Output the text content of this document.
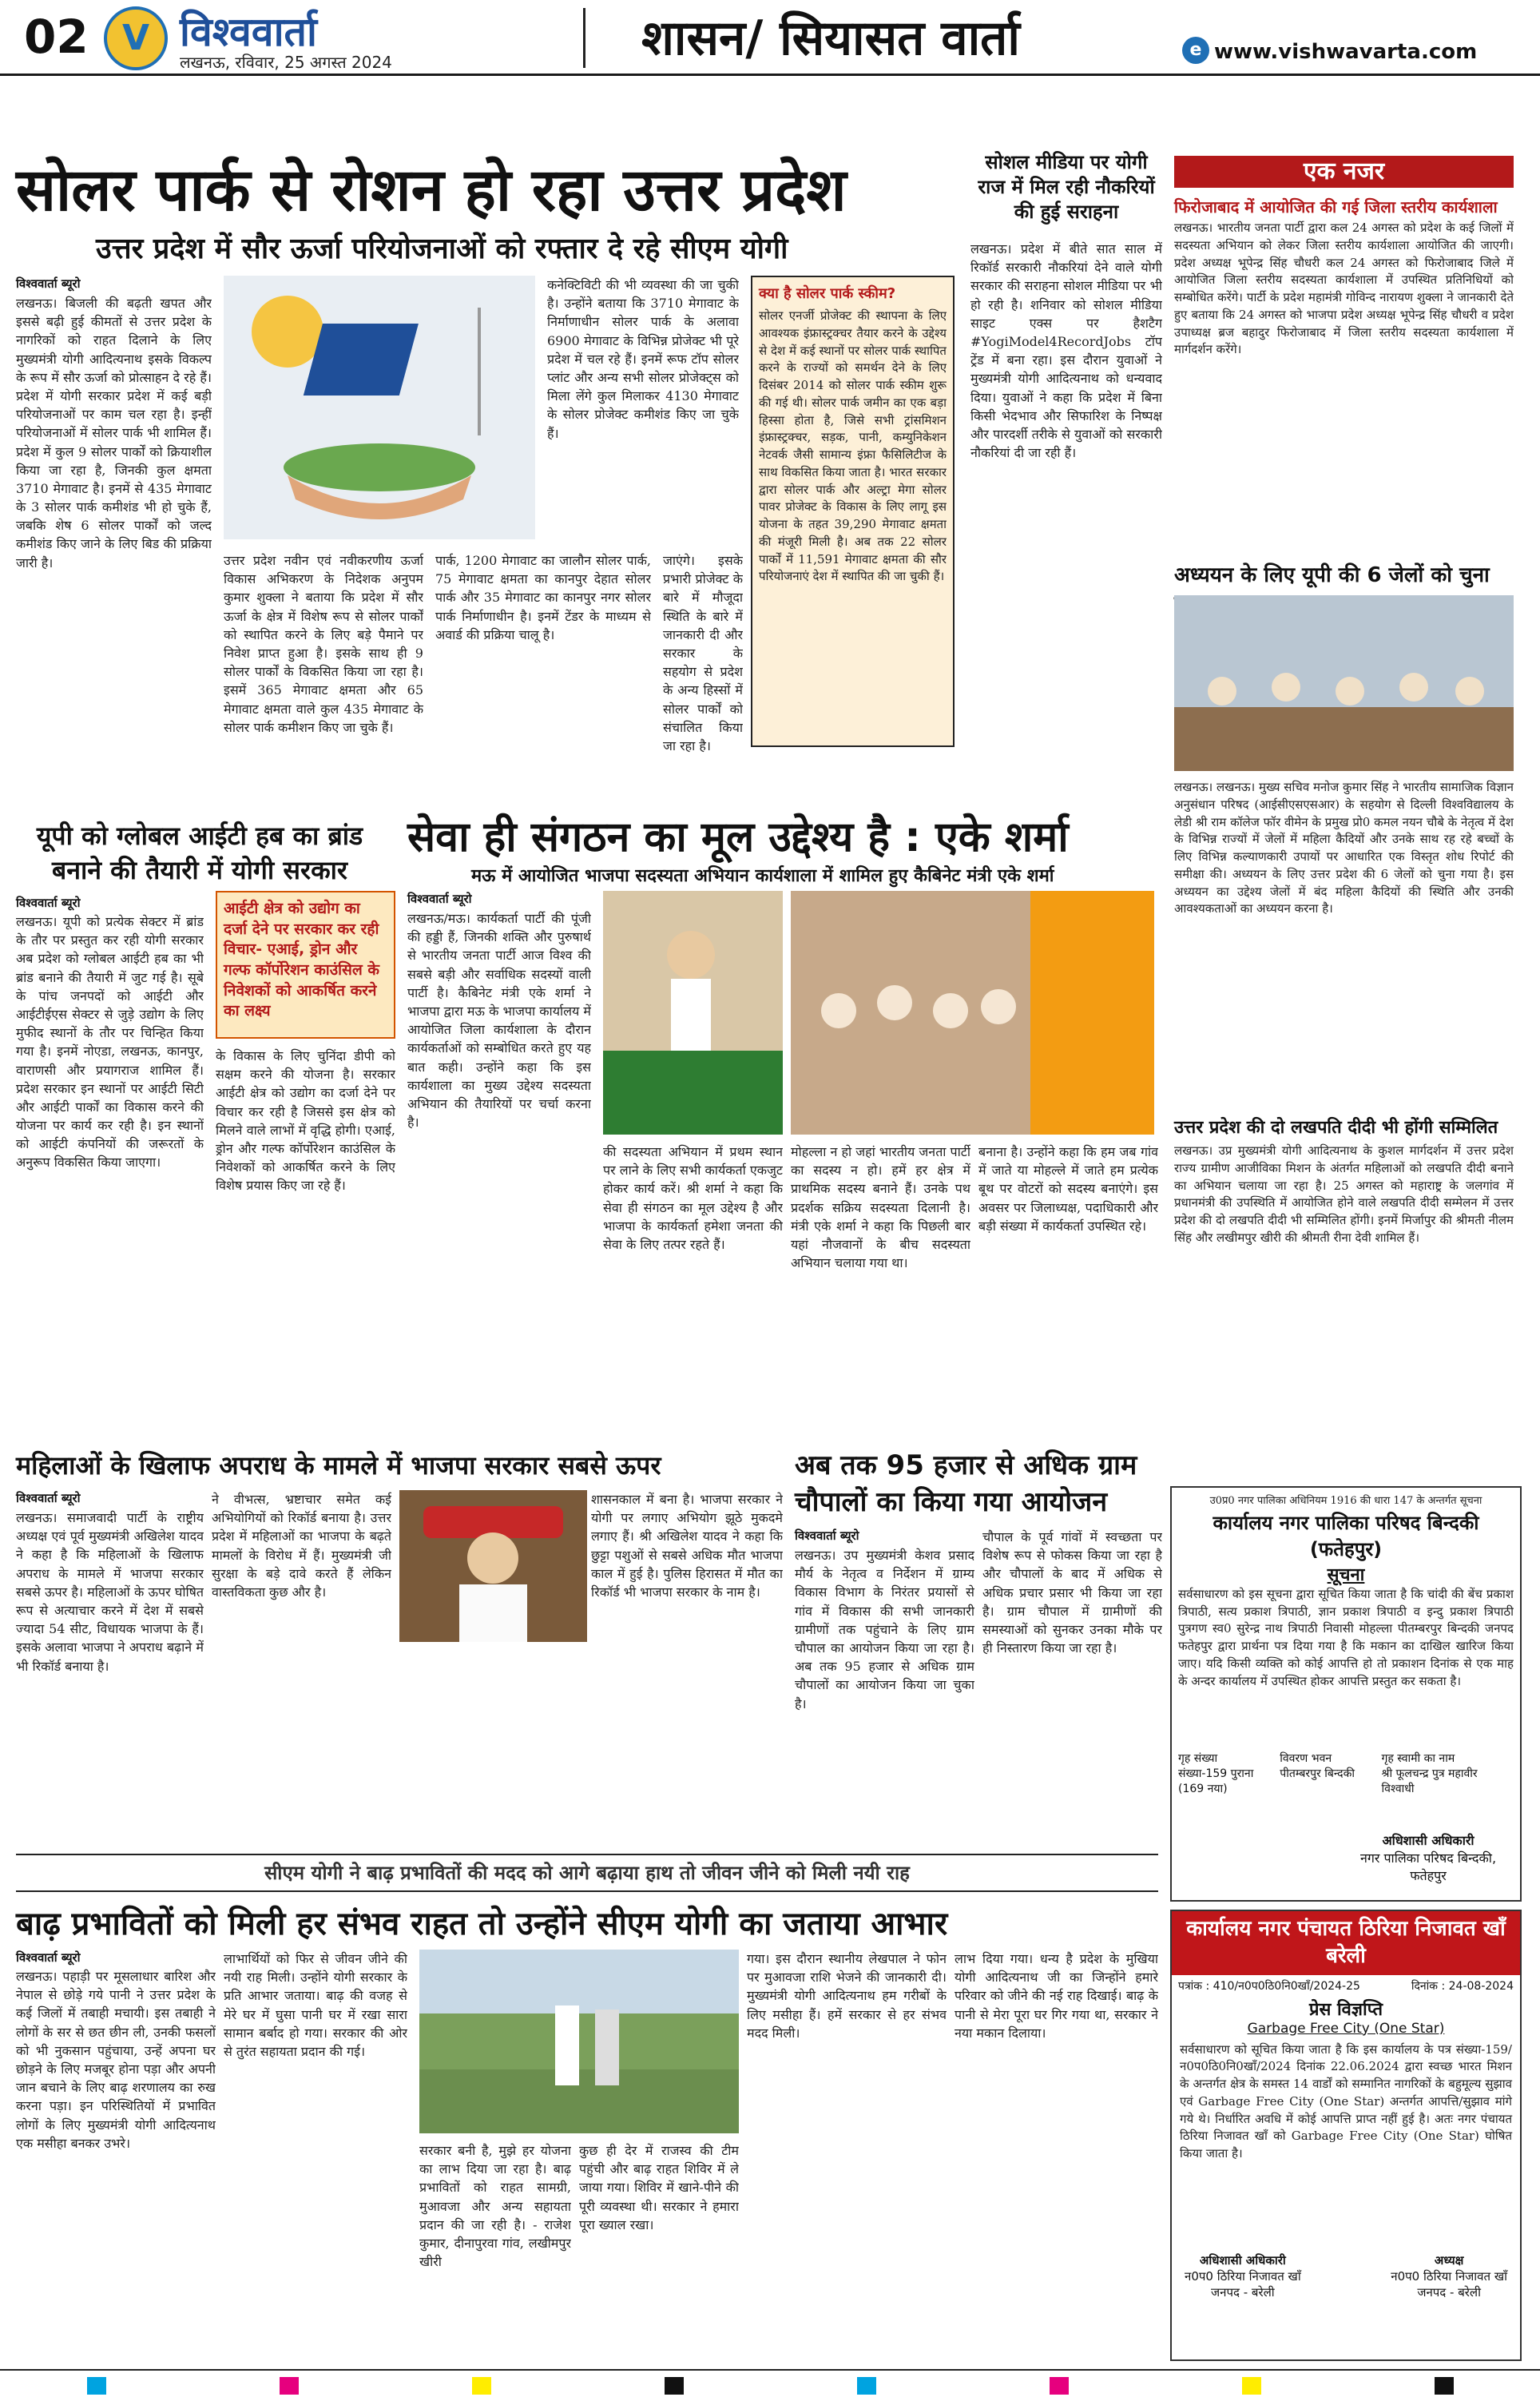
02 V विश्ववार्ता
लखनऊ, रविवार, 25 अगस्त 2024	शासन/ सियासत वार्ता	e www.vishwavarta.com
सोलर पार्क से रोशन हो रहा उत्तर प्रदेश
उत्तर प्रदेश में सौर ऊर्जा परियोजनाओं को रफ्तार दे रहे सीएम योगी
विश्ववार्ता ब्यूरो
लखनऊ। बिजली की बढ़ती खपत और इससे बढ़ी हुई कीमतों से उत्तर प्रदेश के नागरिकों को राहत दिलाने के लिए मुख्यमंत्री योगी आदित्यनाथ इसके विकल्प के रूप में सौर ऊर्जा को प्रोत्साहन दे रहे हैं। प्रदेश में योगी सरकार प्रदेश में कई बड़ी परियोजनाओं पर काम चल रहा है। इन्हीं परियोजनाओं में सोलर पार्क भी शामिल हैं। प्रदेश में कुल 9 सोलर पार्कों को क्रियाशील किया जा रहा है, जिनकी कुल क्षमता 3710 मेगावाट है। इनमें से 435 मेगावाट के 3 सोलर पार्क कमीशंड भी हो चुके हैं, जबकि शेष 6 सोलर पार्कों को जल्द कमीशंड किए जाने के लिए बिड की प्रक्रिया जारी है।	उत्तर प्रदेश नवीन एवं नवीकरणीय ऊर्जा विकास अभिकरण के निदेशक अनुपम कुमार शुक्ला ने बताया कि प्रदेश में सौर ऊर्जा के क्षेत्र में विशेष रूप से सोलर पार्कों को स्थापित करने के लिए बड़े पैमाने पर निवेश प्राप्त हुआ है। इसके साथ ही 9 सोलर पार्कों के विकसित किया जा रहा है। इसमें 365 मेगावाट क्षमता और 65 मेगावाट क्षमता वाले कुल 435 मेगावाट के सोलर पार्क कमीशन किए जा चुके हैं।
पार्क, 1200 मेगावाट का जालौन सोलर पार्क, 75 मेगावाट क्षमता का कानपुर देहात सोलर पार्क और 35 मेगावाट का कानपुर नगर सोलर पार्क निर्माणाधीन है। इनमें टेंडर के माध्यम से अवार्ड की प्रक्रिया चालू है।
कनेक्टिविटी की भी व्यवस्था की जा चुकी है। उन्होंने बताया कि 3710 मेगावाट के निर्माणाधीन सोलर पार्क के अलावा 6900 मेगावाट के विभिन्न प्रोजेक्ट भी पूरे प्रदेश में चल रहे हैं। इनमें रूफ टॉप सोलर प्लांट और अन्य सभी सोलर प्रोजेक्ट्स को मिला लेंगे कुल मिलाकर 4130 मेगावाट के सोलर प्रोजेक्ट कमीशंड किए जा चुके हैं।
क्या है सोलर पार्क स्कीम?
सोलर एनर्जी प्रोजेक्ट की स्थापना के लिए आवश्यक इंफ्रास्ट्रक्चर तैयार करने के उद्देश्य से देश में कई स्थानों पर सोलर पार्क स्थापित करने के राज्यों को समर्थन देने के लिए दिसंबर 2014 को सोलर पार्क स्कीम शुरू की गई थी। सोलर पार्क जमीन का एक बड़ा हिस्सा होता है, जिसे सभी ट्रांसमिशन इंफ्रास्ट्रक्चर, सड़क, पानी, कम्युनिकेशन नेटवर्क जैसी सामान्य इंफ्रा फैसिलिटीज के साथ विकसित किया जाता है। भारत सरकार द्वारा सोलर पार्क और अल्ट्रा मेगा सोलर पावर प्रोजेक्ट के विकास के लिए लागू इस योजना के तहत 39,290 मेगावाट क्षमता की मंजूरी मिली है। अब तक 22 सोलर पार्कों में 11,591 मेगावाट क्षमता की सौर परियोजनाएं देश में स्थापित की जा चुकी हैं।
जाएंगे। इसके प्रभारी प्रोजेक्ट के बारे में मौजूदा स्थिति के बारे में जानकारी दी और सरकार के सहयोग से प्रदेश के अन्य हिस्सों में सोलर पार्कों को संचालित किया जा रहा है।
सोशल मीडिया पर योगी राज में मिल रही नौकरियों की हुई सराहना
लखनऊ। प्रदेश में बीते सात साल में रिकॉर्ड सरकारी नौकरियां देने वाले योगी सरकार की सराहना सोशल मीडिया पर भी हो रही है। शनिवार को सोशल मीडिया साइट एक्स पर हैशटैग #YogiModel4RecordJobs टॉप ट्रेंड में बना रहा। इस दौरान युवाओं ने मुख्यमंत्री योगी आदित्यनाथ को धन्यवाद दिया। युवाओं ने कहा कि प्रदेश में बिना किसी भेदभाव और सिफारिश के निष्पक्ष और पारदर्शी तरीके से युवाओं को सरकारी नौकरियां दी जा रही हैं।
एक नजर
फिरोजाबाद में आयोजित की गई जिला स्तरीय कार्यशाला
लखनऊ। भारतीय जनता पार्टी द्वारा कल 24 अगस्त को प्रदेश के कई जिलों में सदस्यता अभियान को लेकर जिला स्तरीय कार्यशाला आयोजित की जाएगी। प्रदेश अध्यक्ष भूपेन्द्र सिंह चौधरी कल 24 अगस्त को फिरोजाबाद जिले में आयोजित जिला स्तरीय सदस्यता कार्यशाला में उपस्थित प्रतिनिधियों को सम्बोधित करेंगे। पार्टी के प्रदेश महामंत्री गोविन्द नारायण शुक्ला ने जानकारी देते हुए बताया कि 24 अगस्त को भाजपा प्रदेश अध्यक्ष भूपेन्द्र सिंह चौधरी व प्रदेश उपाध्यक्ष ब्रज बहादुर फिरोजाबाद में जिला स्तरीय सदस्यता कार्यशाला में मार्गदर्शन करेंगे।
अध्ययन के लिए यूपी की 6 जेलों को चुना
लखनऊ। लखनऊ। मुख्य सचिव मनोज कुमार सिंह ने भारतीय सामाजिक विज्ञान अनुसंधान परिषद (आईसीएसएसआर) के सहयोग से दिल्ली विश्वविद्यालय के लेडी श्री राम कॉलेज फॉर वीमेन के प्रमुख प्रो0 कमल नयन चौबे के नेतृत्व में देश के विभिन्न राज्यों में जेलों में महिला कैदियों और उनके साथ रह रहे बच्चों के लिए विभिन्न कल्याणकारी उपायों पर आधारित एक विस्तृत शोध रिपोर्ट की समीक्षा की। अध्ययन के लिए उत्तर प्रदेश की 6 जेलों को चुना गया है। इस अध्ययन का उद्देश्य जेलों में बंद महिला कैदियों की स्थिति और उनकी आवश्यकताओं का अध्ययन करना है।
उत्तर प्रदेश की दो लखपति दीदी भी होंगी सम्मिलित
लखनऊ। उप्र मुख्यमंत्री योगी आदित्यनाथ के कुशल मार्गदर्शन में उत्तर प्रदेश राज्य ग्रामीण आजीविका मिशन के अंतर्गत महिलाओं को लखपति दीदी बनाने का अभियान चलाया जा रहा है। 25 अगस्त को महाराष्ट्र के जलगांव में प्रधानमंत्री की उपस्थिति में आयोजित होने वाले लखपति दीदी सम्मेलन में उत्तर प्रदेश की दो लखपति दीदी भी सम्मिलित होंगी। इनमें मिर्जापुर की श्रीमती नीलम सिंह और लखीमपुर खीरी की श्रीमती रीना देवी शामिल हैं।
यूपी को ग्लोबल आईटी हब का ब्रांड बनाने की तैयारी में योगी सरकार
विश्ववार्ता ब्यूरो
लखनऊ। यूपी को प्रत्येक सेक्टर में ब्रांड के तौर पर प्रस्तुत कर रही योगी सरकार अब प्रदेश को ग्लोबल आईटी हब का भी ब्रांड बनाने की तैयारी में जुट गई है। सूबे के पांच जनपदों को आईटी और आईटीईएस सेक्टर से जुड़े उद्योग के लिए मुफीद स्थानों के तौर पर चिन्हित किया गया है। इनमें नोएडा, लखनऊ, कानपुर, वाराणसी और प्रयागराज शामिल हैं। प्रदेश सरकार इन स्थानों पर आईटी सिटी और आईटी पार्कों का विकास करने की योजना पर कार्य कर रही है। इन स्थानों को आईटी कंपनियों की जरूरतों के अनुरूप विकसित किया जाएगा।
आईटी क्षेत्र को उद्योग का दर्जा देने पर सरकार कर रही विचार- एआई, ड्रोन और गल्फ कॉर्पोरेशन काउंसिल के निवेशकों को आकर्षित करने का लक्ष्य
के विकास के लिए चुनिंदा डीपी को सक्षम करने की योजना है। सरकार आईटी क्षेत्र को उद्योग का दर्जा देने पर विचार कर रही है जिससे इस क्षेत्र को मिलने वाले लाभों में वृद्धि होगी। एआई, ड्रोन और गल्फ कॉर्पोरेशन काउंसिल के निवेशकों को आकर्षित करने के लिए विशेष प्रयास किए जा रहे हैं।
सेवा ही संगठन का मूल उद्देश्य है : एके शर्मा
मऊ में आयोजित भाजपा सदस्यता अभियान कार्यशाला में शामिल हुए कैबिनेट मंत्री एके शर्मा
विश्ववार्ता ब्यूरो
लखनऊ/मऊ। कार्यकर्ता पार्टी की पूंजी की हड्डी हैं, जिनकी शक्ति और पुरुषार्थ से भारतीय जनता पार्टी आज विश्व की सबसे बड़ी और सर्वाधिक सदस्यों वाली पार्टी है। कैबिनेट मंत्री एके शर्मा ने भाजपा द्वारा मऊ के भाजपा कार्यालय में आयोजित जिला कार्यशाला के दौरान कार्यकर्ताओं को सम्बोधित करते हुए यह बात कही। उन्होंने कहा कि इस कार्यशाला का मुख्य उद्देश्य सदस्यता अभियान की तैयारियों पर चर्चा करना है।
की सदस्यता अभियान में प्रथम स्थान पर लाने के लिए सभी कार्यकर्ता एकजुट होकर कार्य करें। श्री शर्मा ने कहा कि सेवा ही संगठन का मूल उद्देश्य है और भाजपा के कार्यकर्ता हमेशा जनता की सेवा के लिए तत्पर रहते हैं।
मोहल्ला न हो जहां भारतीय जनता पार्टी का सदस्य न हो। हमें हर क्षेत्र में प्राथमिक सदस्य बनाने हैं। उनके पथ प्रदर्शक सक्रिय सदस्यता दिलानी है। मंत्री एके शर्मा ने कहा कि पिछली बार यहां नौजवानों के बीच सदस्यता अभियान चलाया गया था।
बनाना है। उन्होंने कहा कि हम जब गांव में जाते या मोहल्ले में जाते हम प्रत्येक बूथ पर वोटरों को सदस्य बनाएंगे। इस अवसर पर जिलाध्यक्ष, पदाधिकारी और बड़ी संख्या में कार्यकर्ता उपस्थित रहे।
महिलाओं के खिलाफ अपराध के मामले में भाजपा सरकार सबसे ऊपर
विश्ववार्ता ब्यूरो
लखनऊ। समाजवादी पार्टी के राष्ट्रीय अध्यक्ष एवं पूर्व मुख्यमंत्री अखिलेश यादव ने कहा है कि महिलाओं के खिलाफ अपराध के मामले में भाजपा सरकार सबसे ऊपर है। महिलाओं के ऊपर घोषित रूप से अत्याचार करने में देश में सबसे ज्यादा 54 सीट, विधायक भाजपा के हैं। इसके अलावा भाजपा ने अपराध बढ़ाने में भी रिकॉर्ड बनाया है।
ने वीभत्स, भ्रष्टाचार समेत कई अभियोगियों को रिकॉर्ड बनाया है। उत्तर प्रदेश में महिलाओं का भाजपा के बढ़ते मामलों के विरोध में हैं। मुख्यमंत्री जी सुरक्षा के बड़े दावे करते हैं लेकिन वास्तविकता कुछ और है।
शासनकाल में बना है। भाजपा सरकार ने योगी पर लगाए अभियोग झूठे मुकदमे लगाए हैं। श्री अखिलेश यादव ने कहा कि छुट्टा पशुओं से सबसे अधिक मौत भाजपा काल में हुई है। पुलिस हिरासत में मौत का रिकॉर्ड भी भाजपा सरकार के नाम है।
अब तक 95 हजार से अधिक ग्राम चौपालों का किया गया आयोजन
विश्ववार्ता ब्यूरो
लखनऊ। उप मुख्यमंत्री केशव प्रसाद मौर्य के नेतृत्व व निर्देशन में ग्राम्य विकास विभाग के निरंतर प्रयासों से गांव में विकास की सभी जानकारी ग्रामीणों तक पहुंचाने के लिए ग्राम चौपाल का आयोजन किया जा रहा है। अब तक 95 हजार से अधिक ग्राम चौपालों का आयोजन किया जा चुका है।
चौपाल के पूर्व गांवों में स्वच्छता पर विशेष रूप से फोकस किया जा रहा है और चौपालों के बाद में अधिक से अधिक प्रचार प्रसार भी किया जा रहा है। ग्राम चौपाल में ग्रामीणों की समस्याओं को सुनकर उनका मौके पर ही निस्तारण किया जा रहा है।
उ0प्र0 नगर पालिका अधिनियम 1916 की धारा 147 के अन्तर्गत सूचना
कार्यालय नगर पालिका परिषद बिन्दकी (फतेहपुर)
सूचना
सर्वसाधारण को इस सूचना द्वारा सूचित किया जाता है कि चांदी की बेंच प्रकाश त्रिपाठी, सत्य प्रकाश त्रिपाठी, ज्ञान प्रकाश त्रिपाठी व इन्दु प्रकाश त्रिपाठी पुत्रगण स्व0 सुरेन्द्र नाथ त्रिपाठी निवासी मोहल्ला पीतम्बरपुर बिन्दकी जनपद फतेहपुर द्वारा प्रार्थना पत्र दिया गया है कि मकान का दाखिल खारिज किया जाए। यदि किसी व्यक्ति को कोई आपत्ति हो तो प्रकाशन दिनांक से एक माह के अन्दर कार्यालय में उपस्थित होकर आपत्ति प्रस्तुत कर सकता है।
गृह संख्या
संख्या-159 पुराना (169 नया)
विवरण भवन
पीतम्बरपुर बिन्दकी
गृह स्वामी का नाम
श्री फूलचन्द्र पुत्र महावीर विश्वाधी
अधिशासी अधिकारी
नगर पालिका परिषद बिन्दकी, फतेहपुर
सीएम योगी ने बाढ़ प्रभावितों की मदद को आगे बढ़ाया हाथ तो जीवन जीने को मिली नयी राह
बाढ़ प्रभावितों को मिली हर संभव राहत तो उन्होंने सीएम योगी का जताया आभार
विश्ववार्ता ब्यूरो
लखनऊ। पहाड़ी पर मूसलाधार बारिश और नेपाल से छोड़े गये पानी ने उत्तर प्रदेश के कई जिलों में तबाही मचायी। इस तबाही ने लोगों के सर से छत छीन ली, उनकी फसलों को भी नुकसान पहुंचाया, उन्हें अपना घर छोड़ने के लिए मजबूर होना पड़ा और अपनी जान बचाने के लिए बाढ़ शरणालय का रुख करना पड़ा। इन परिस्थितियों में प्रभावित लोगों के लिए मुख्यमंत्री योगी आदित्यनाथ एक मसीहा बनकर उभरे।
लाभार्थियों को फिर से जीवन जीने की नयी राह मिली। उन्होंने योगी सरकार के प्रति आभार जताया। बाढ़ की वजह से मेरे घर में घुसा पानी घर में रखा सारा सामान बर्बाद हो गया। सरकार की ओर से तुरंत सहायता प्रदान की गई।
सरकार बनी है, मुझे हर योजना का लाभ दिया जा रहा है। बाढ़ प्रभावितों को राहत सामग्री, मुआवजा और अन्य सहायता प्रदान की जा रही है। - राजेश कुमार, दीनापुरवा गांव, लखीमपुर खीरी
कुछ ही देर में राजस्व की टीम पहुंची और बाढ़ राहत शिविर में ले जाया गया। शिविर में खाने-पीने की पूरी व्यवस्था थी। सरकार ने हमारा पूरा ख्याल रखा।
गया। इस दौरान स्थानीय लेखपाल ने फोन पर मुआवजा राशि भेजने की जानकारी दी। मुख्यमंत्री योगी आदित्यनाथ हम गरीबों के लिए मसीहा हैं। हमें सरकार से हर संभव मदद मिली।
लाभ दिया गया। धन्य है प्रदेश के मुखिया योगी आदित्यनाथ जी का जिन्होंने हमारे परिवार को जीने की नई राह दिखाई। बाढ़ के पानी से मेरा पूरा घर गिर गया था, सरकार ने नया मकान दिलाया।
कार्यालय नगर पंचायत ठिरिया निजावत खाँ बरेली
पत्रांक : 410/न0प0ठि0नि0खॉं/2024-25	दिनांक : 24-08-2024
प्रेस विज्ञप्ति
Garbage Free City (One Star)
सर्वसाधारण को सूचित किया जाता है कि इस कार्यालय के पत्र संख्या-159/न0प0ठि0नि0खॉं/2024 दिनांक 22.06.2024 द्वारा स्वच्छ भारत मिशन के अन्तर्गत क्षेत्र के समस्त 14 वार्डों को सम्मानित नागरिकों के बहुमूल्य सुझाव एवं Garbage Free City (One Star) अन्तर्गत आपत्ति/सुझाव मांगे गये थे। निर्धारित अवधि में कोई आपत्ति प्राप्त नहीं हुई है। अतः नगर पंचायत ठिरिया निजावत खाँ को Garbage Free City (One Star) घोषित किया जाता है।
अधिशासी अधिकारी
न0प0 ठिरिया निजावत खाँ
जनपद - बरेली
अध्यक्ष
न0प0 ठिरिया निजावत खाँ
जनपद - बरेली
